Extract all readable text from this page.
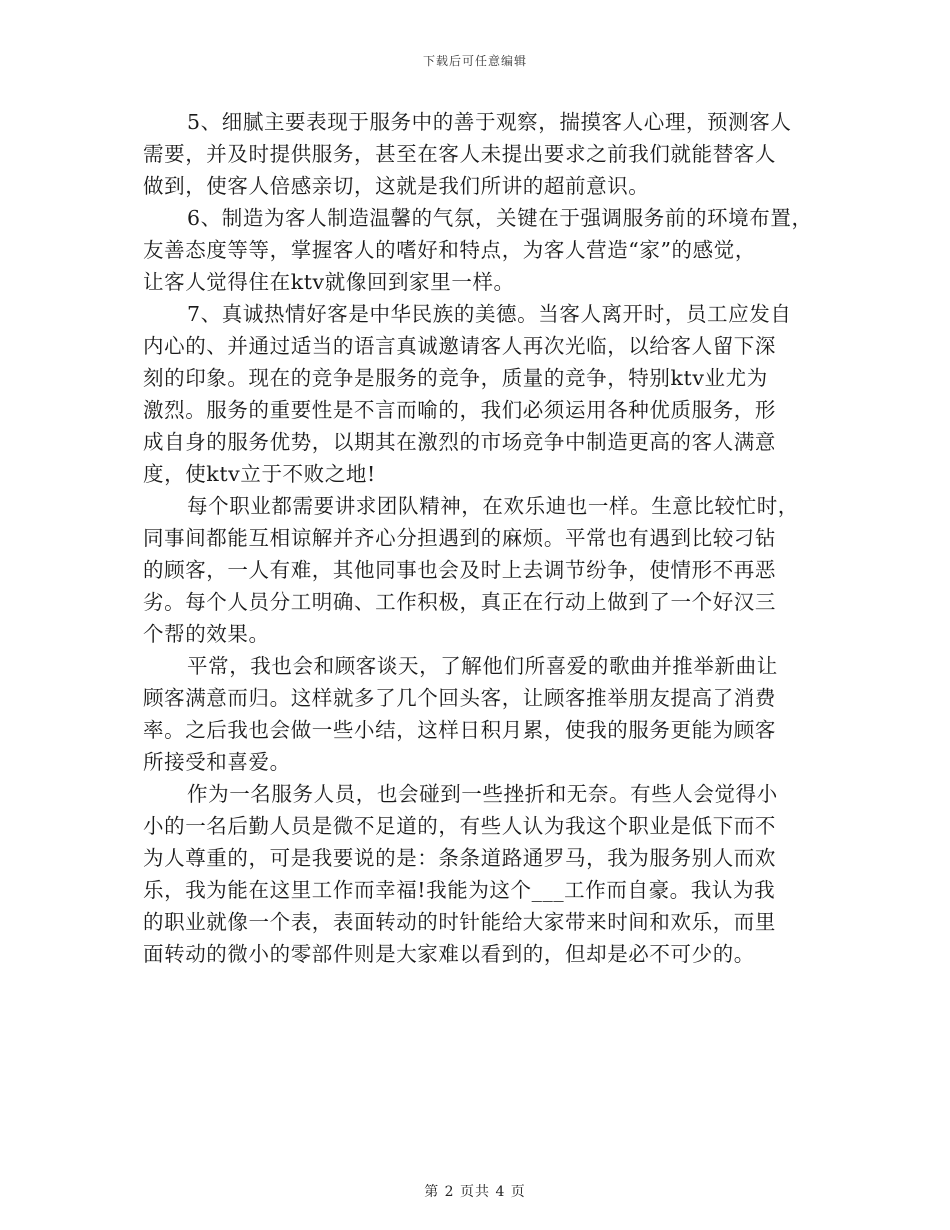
下载后可任意编辑

5、细腻主要表现于服务中的善于观察，揣摸客人心理，预测客人
需要，并及时提供服务，甚至在客人未提出要求之前我们就能替客人
做到，使客人倍感亲切，这就是我们所讲的超前意识。

6、制造为客人制造温馨的气氛，关键在于强调服务前的环境布置，
友善态度等等，掌握客人的嗜好和特点，为客人营造“家”的感觉，
让客人觉得住在ktv就像回到家里一样。

7、真诚热情好客是中华民族的美德。当客人离开时，员工应发自
内心的、并通过适当的语言真诚邀请客人再次光临，以给客人留下深
刻的印象。现在的竞争是服务的竞争，质量的竞争，特别ktv业尤为
激烈。服务的重要性是不言而喻的，我们必须运用各种优质服务，形
成自身的服务优势，以期其在激烈的市场竞争中制造更高的客人满意
度，使ktv立于不败之地!

每个职业都需要讲求团队精神，在欢乐迪也一样。生意比较忙时，
同事间都能互相谅解并齐心分担遇到的麻烦。平常也有遇到比较刁钻
的顾客，一人有难，其他同事也会及时上去调节纷争，使情形不再恶
劣。每个人员分工明确、工作积极，真正在行动上做到了一个好汉三
个帮的效果。

平常，我也会和顾客谈天，了解他们所喜爱的歌曲并推举新曲让
顾客满意而归。这样就多了几个回头客，让顾客推举朋友提高了消费
率。之后我也会做一些小结，这样日积月累，使我的服务更能为顾客
所接受和喜爱。

作为一名服务人员，也会碰到一些挫折和无奈。有些人会觉得小
小的一名后勤人员是微不足道的，有些人认为我这个职业是低下而不
为人尊重的，可是我要说的是：条条道路通罗马，我为服务别人而欢
乐，我为能在这里工作而幸福!我能为这个___工作而自豪。我认为我
的职业就像一个表，表面转动的时针能给大家带来时间和欢乐，而里
面转动的微小的零部件则是大家难以看到的，但却是必不可少的。

第 2 页共 4 页
